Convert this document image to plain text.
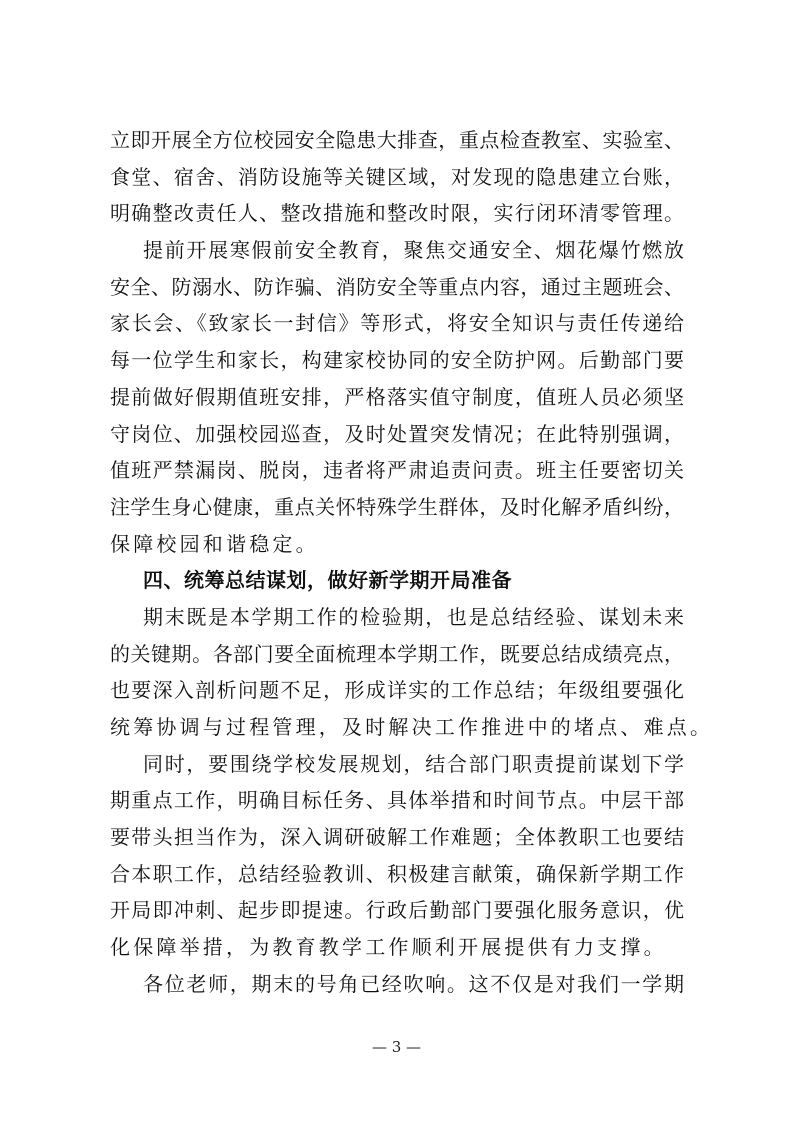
立即开展全方位校园安全隐患大排查，重点检查教室、实验室、
食堂、宿舍、消防设施等关键区域，对发现的隐患建立台账，
明确整改责任人、整改措施和整改时限，实行闭环清零管理。
提前开展寒假前安全教育，聚焦交通安全、烟花爆竹燃放
安全、防溺水、防诈骗、消防安全等重点内容，通过主题班会、
家长会、《致家长一封信》等形式，将安全知识与责任传递给
每一位学生和家长，构建家校协同的安全防护网。后勤部门要
提前做好假期值班安排，严格落实值守制度，值班人员必须坚
守岗位、加强校园巡查，及时处置突发情况；在此特别强调，
值班严禁漏岗、脱岗，违者将严肃追责问责。班主任要密切关
注学生身心健康，重点关怀特殊学生群体，及时化解矛盾纠纷，
保障校园和谐稳定。
四、统筹总结谋划，做好新学期开局准备
期末既是本学期工作的检验期，也是总结经验、谋划未来
的关键期。各部门要全面梳理本学期工作，既要总结成绩亮点，
也要深入剖析问题不足，形成详实的工作总结；年级组要强化
统筹协调与过程管理，及时解决工作推进中的堵点、难点。
同时，要围绕学校发展规划，结合部门职责提前谋划下学
期重点工作，明确目标任务、具体举措和时间节点。中层干部
要带头担当作为，深入调研破解工作难题；全体教职工也要结
合本职工作，总结经验教训、积极建言献策，确保新学期工作
开局即冲刺、起步即提速。行政后勤部门要强化服务意识，优
化保障举措，为教育教学工作顺利开展提供有力支撑。
各位老师，期末的号角已经吹响。这不仅是对我们一学期
— 3 —
